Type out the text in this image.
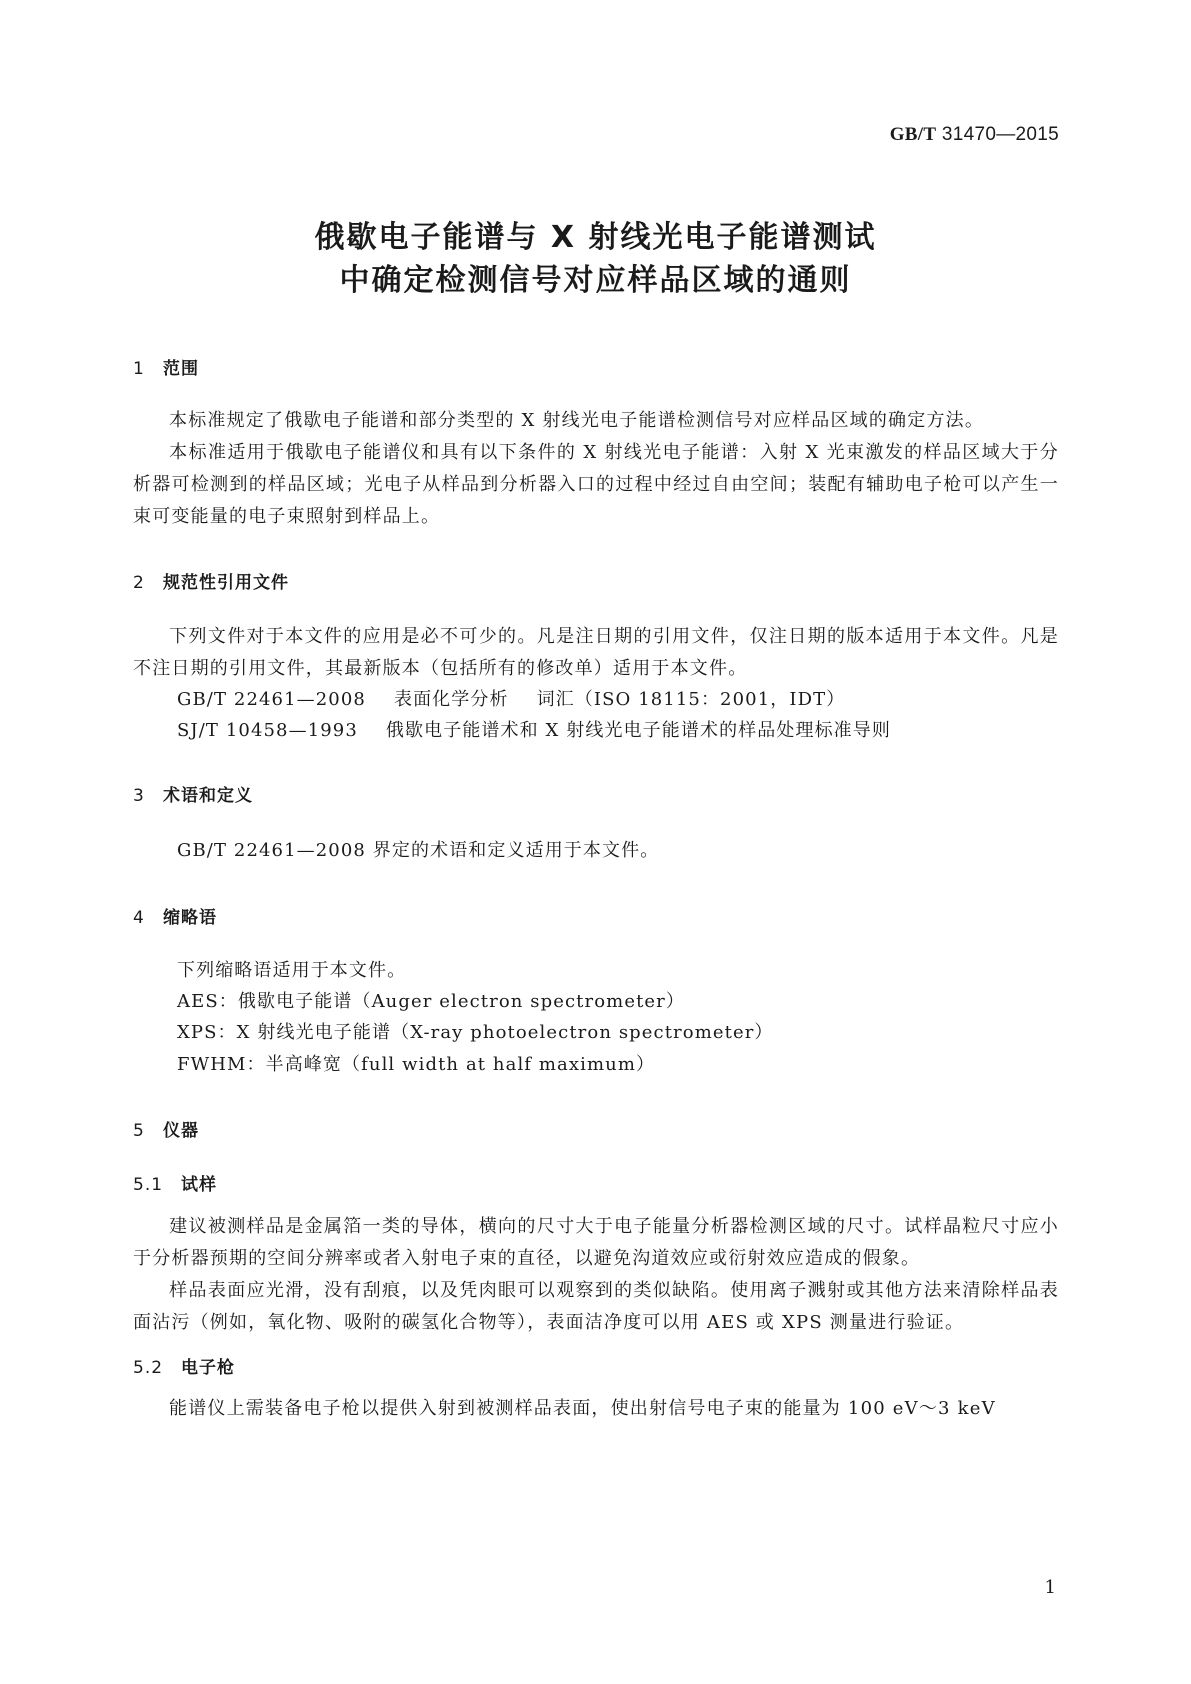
GB/T 31470—2015
俄歇电子能谱与 X 射线光电子能谱测试
中确定检测信号对应样品区域的通则
1 范围
本标准规定了俄歇电子能谱和部分类型的 X 射线光电子能谱检测信号对应样品区域的确定方法。
本标准适用于俄歇电子能谱仪和具有以下条件的 X 射线光电子能谱：入射 X 光束激发的样品区域大于分析器可检测到的样品区域；光电子从样品到分析器入口的过程中经过自由空间；装配有辅助电子枪可以产生一束可变能量的电子束照射到样品上。
2 规范性引用文件
下列文件对于本文件的应用是必不可少的。凡是注日期的引用文件，仅注日期的版本适用于本文件。凡是不注日期的引用文件，其最新版本（包括所有的修改单）适用于本文件。
GB/T 22461—2008 表面化学分析 词汇（ISO 18115：2001，IDT）
SJ/T 10458—1993 俄歇电子能谱术和 X 射线光电子能谱术的样品处理标准导则
3 术语和定义
GB/T 22461—2008 界定的术语和定义适用于本文件。
4 缩略语
下列缩略语适用于本文件。
AES：俄歇电子能谱（Auger electron spectrometer）
XPS：X 射线光电子能谱（X-ray photoelectron spectrometer）
FWHM：半高峰宽（full width at half maximum）
5 仪器
5.1 试样
建议被测样品是金属箔一类的导体，横向的尺寸大于电子能量分析器检测区域的尺寸。试样晶粒尺寸应小于分析器预期的空间分辨率或者入射电子束的直径，以避免沟道效应或衍射效应造成的假象。
样品表面应光滑，没有刮痕，以及凭肉眼可以观察到的类似缺陷。使用离子溅射或其他方法来清除样品表面沾污（例如，氧化物、吸附的碳氢化合物等），表面洁净度可以用 AES 或 XPS 测量进行验证。
5.2 电子枪
能谱仪上需装备电子枪以提供入射到被测样品表面，使出射信号电子束的能量为 100 eV～3 keV
1
